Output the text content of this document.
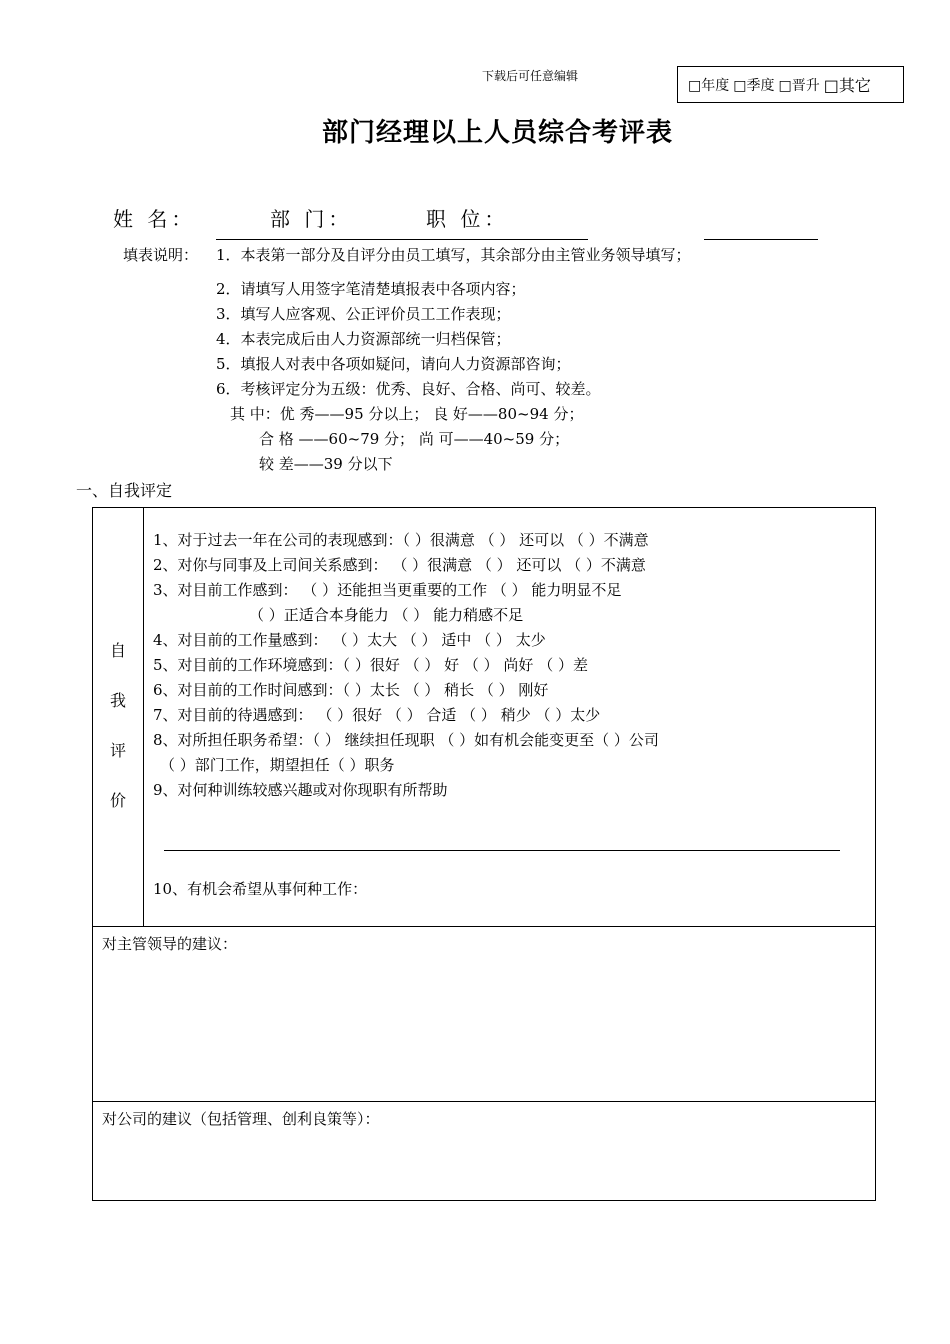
下载后可任意编辑
□年度 □季度 □晋升 □其它
部门经理以上人员综合考评表
姓 名：	部 门：	职 位：
填表说明： 1．本表第一部分及自评分由员工填写，其余部分由主管业务领导填写；
2．请填写人用签字笔清楚填报表中各项内容；
3．填写人应客观、公正评价员工工作表现；
4．本表完成后由人力资源部统一归档保管；
5．填报人对表中各项如疑问，请向人力资源部咨询；
6．考核评定分为五级：优秀、良好、合格、尚可、较差。
其 中：优 秀——95 分以上； 良 好——80~94 分；
合 格 ——60~79 分； 尚 可——40~59 分；
较 差——39 分以下
一、自我评定
自
我
评
价

1、对于过去一年在公司的表现感到：（ ）很满意 （ ） 还可以 （ ）不满意
2、对你与同事及上司间关系感到： （ ）很满意 （ ） 还可以 （ ）不满意
3、对目前工作感到： （ ）还能担当更重要的工作 （ ） 能力明显不足
（ ）正适合本身能力 （ ） 能力稍感不足
4、对目前的工作量感到： （ ）太大 （ ） 适中 （ ） 太少
5、对目前的工作环境感到：（ ）很好 （ ） 好 （ ） 尚好 （ ）差
6、对目前的工作时间感到：（ ）太长 （ ） 稍长 （ ） 刚好
7、对目前的待遇感到： （ ）很好 （ ） 合适 （ ） 稍少 （ ）太少
8、对所担任职务希望：（ ） 继续担任现职 （ ）如有机会能变更至（ ）公司
（ ）部门工作，期望担任（ ）职务
9、对何种训练较感兴趣或对你现职有所帮助
10、有机会希望从事何种工作：

对主管领导的建议：

对公司的建议（包括管理、创利良策等）：
